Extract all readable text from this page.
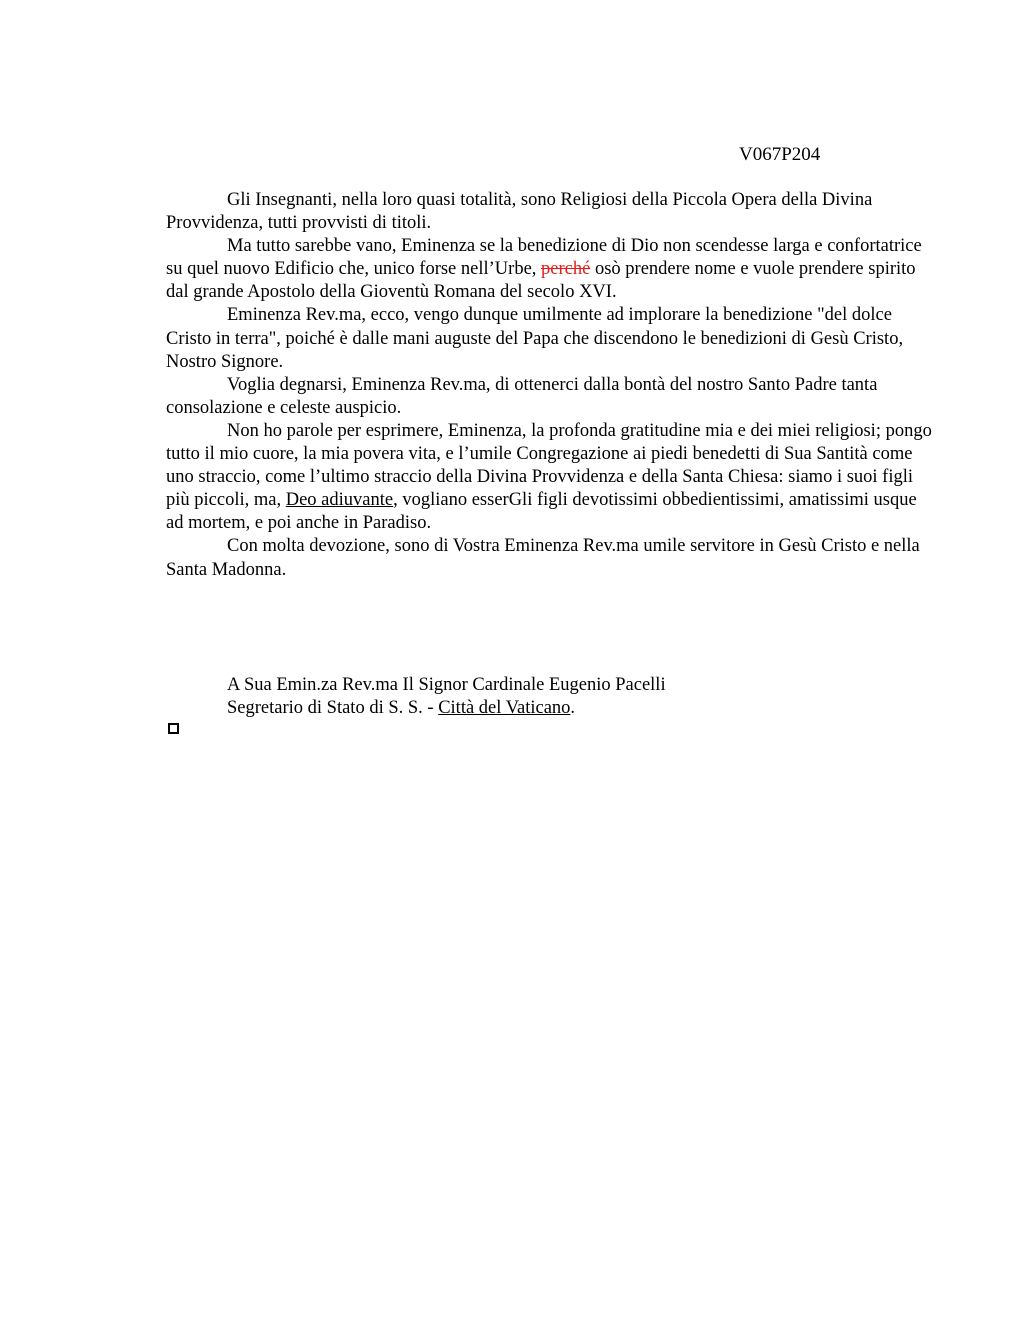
V067P204

Gli Insegnanti, nella loro quasi totalità, sono Religiosi della Piccola Opera della Divina Provvidenza, tutti provvisti di titoli.

Ma tutto sarebbe vano, Eminenza se la benedizione di Dio non scendesse larga e confortatrice su quel nuovo Edificio che, unico forse nell’Urbe, perché osò prendere nome e vuole prendere spirito dal grande Apostolo della Gioventù Romana del secolo XVI.

Eminenza Rev.ma, ecco, vengo dunque umilmente ad implorare la benedizione "del dolce Cristo in terra", poiché è dalle mani auguste del Papa che discendono le benedizioni di Gesù Cristo, Nostro Signore.

Voglia degnarsi, Eminenza Rev.ma, di ottenerci dalla bontà del nostro Santo Padre tanta consolazione e celeste auspicio.

Non ho parole per esprimere, Eminenza, la profonda gratitudine mia e dei miei religiosi; pongo tutto il mio cuore, la mia povera vita, e l’umile Congregazione ai piedi benedetti di Sua Santità come uno straccio, come l’ultimo straccio della Divina Provvidenza e della Santa Chiesa: siamo i suoi figli più piccoli, ma, Deo adiuvante, vogliano esserGli figli devotissimi obbedientissimi, amatissimi usque ad mortem, e poi anche in Paradiso.

Con molta devozione, sono di Vostra Eminenza Rev.ma umile servitore in Gesù Cristo e nella Santa Madonna.

A Sua Emin.za Rev.ma Il Signor Cardinale Eugenio Pacelli
Segretario di Stato di S. S. - Città del Vaticano.
